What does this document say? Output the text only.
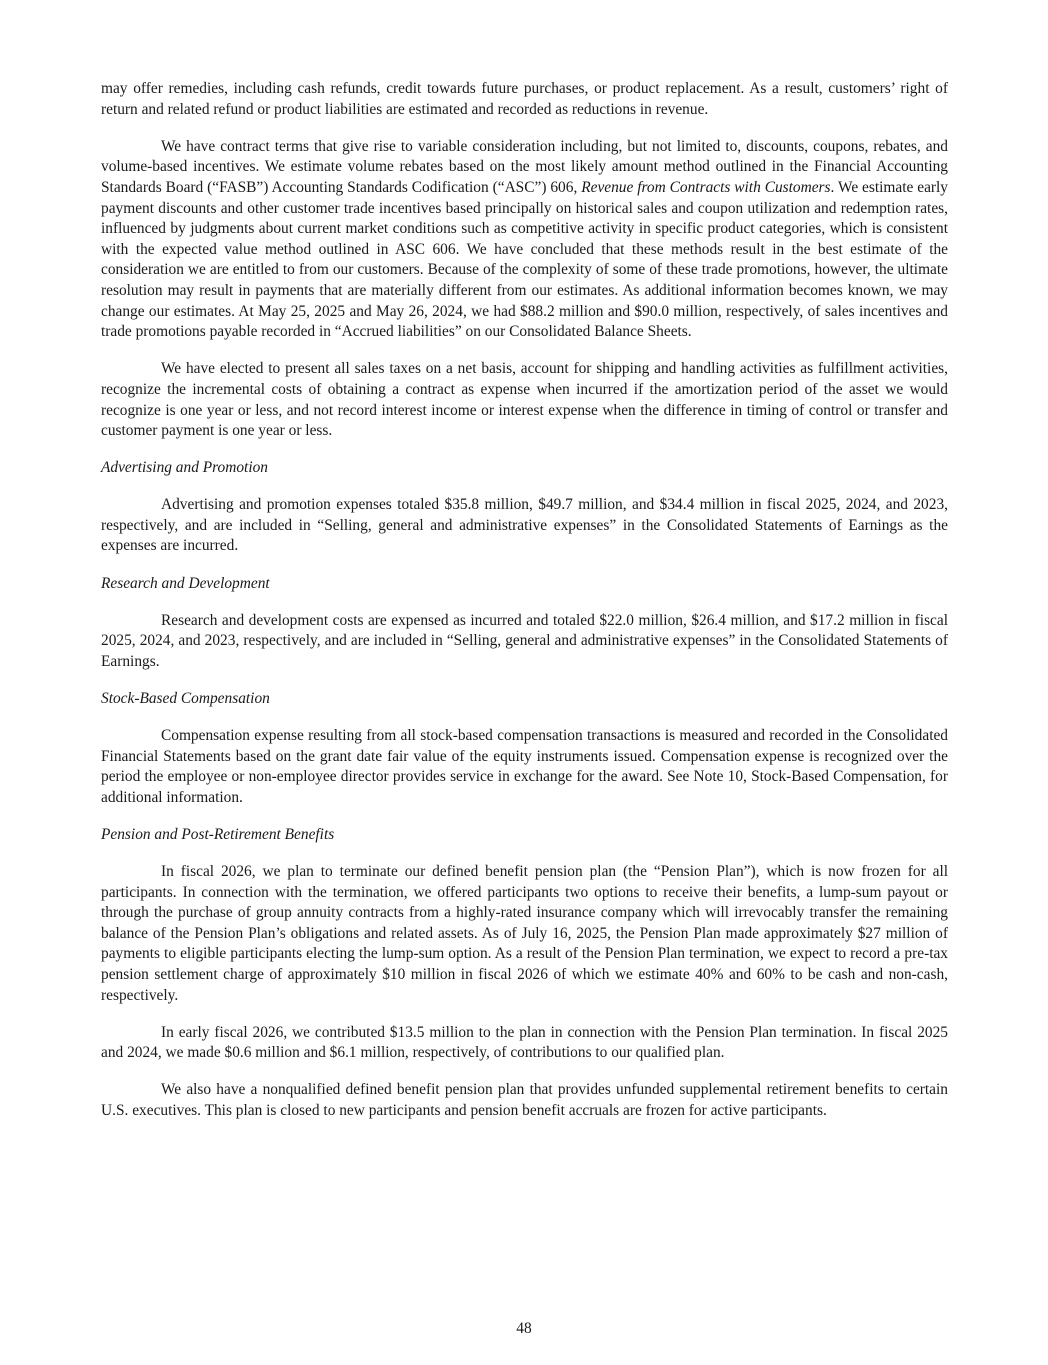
may offer remedies, including cash refunds, credit towards future purchases, or product replacement. As a result, customers’ right of return and related refund or product liabilities are estimated and recorded as reductions in revenue.

We have contract terms that give rise to variable consideration including, but not limited to, discounts, coupons, rebates, and volume-based incentives. We estimate volume rebates based on the most likely amount method outlined in the Financial Accounting Standards Board (“FASB”) Accounting Standards Codification (“ASC”) 606, Revenue from Contracts with Customers. We estimate early payment discounts and other customer trade incentives based principally on historical sales and coupon utilization and redemption rates, influenced by judgments about current market conditions such as competitive activity in specific product categories, which is consistent with the expected value method outlined in ASC 606. We have concluded that these methods result in the best estimate of the consideration we are entitled to from our customers. Because of the complexity of some of these trade promotions, however, the ultimate resolution may result in payments that are materially different from our estimates. As additional information becomes known, we may change our estimates. At May 25, 2025 and May 26, 2024, we had $88.2 million and $90.0 million, respectively, of sales incentives and trade promotions payable recorded in “Accrued liabilities” on our Consolidated Balance Sheets.

We have elected to present all sales taxes on a net basis, account for shipping and handling activities as fulfillment activities, recognize the incremental costs of obtaining a contract as expense when incurred if the amortization period of the asset we would recognize is one year or less, and not record interest income or interest expense when the difference in timing of control or transfer and customer payment is one year or less.

Advertising and Promotion

Advertising and promotion expenses totaled $35.8 million, $49.7 million, and $34.4 million in fiscal 2025, 2024, and 2023, respectively, and are included in “Selling, general and administrative expenses” in the Consolidated Statements of Earnings as the expenses are incurred.

Research and Development

Research and development costs are expensed as incurred and totaled $22.0 million, $26.4 million, and $17.2 million in fiscal 2025, 2024, and 2023, respectively, and are included in “Selling, general and administrative expenses” in the Consolidated Statements of Earnings.

Stock-Based Compensation

Compensation expense resulting from all stock-based compensation transactions is measured and recorded in the Consolidated Financial Statements based on the grant date fair value of the equity instruments issued. Compensation expense is recognized over the period the employee or non-employee director provides service in exchange for the award. See Note 10, Stock-Based Compensation, for additional information.

Pension and Post-Retirement Benefits

In fiscal 2026, we plan to terminate our defined benefit pension plan (the “Pension Plan”), which is now frozen for all participants. In connection with the termination, we offered participants two options to receive their benefits, a lump-sum payout or through the purchase of group annuity contracts from a highly-rated insurance company which will irrevocably transfer the remaining balance of the Pension Plan’s obligations and related assets. As of July 16, 2025, the Pension Plan made approximately $27 million of payments to eligible participants electing the lump-sum option. As a result of the Pension Plan termination, we expect to record a pre-tax pension settlement charge of approximately $10 million in fiscal 2026 of which we estimate 40% and 60% to be cash and non-cash, respectively.

In early fiscal 2026, we contributed $13.5 million to the plan in connection with the Pension Plan termination. In fiscal 2025 and 2024, we made $0.6 million and $6.1 million, respectively, of contributions to our qualified plan.

We also have a nonqualified defined benefit pension plan that provides unfunded supplemental retirement benefits to certain U.S. executives. This plan is closed to new participants and pension benefit accruals are frozen for active participants.

48
